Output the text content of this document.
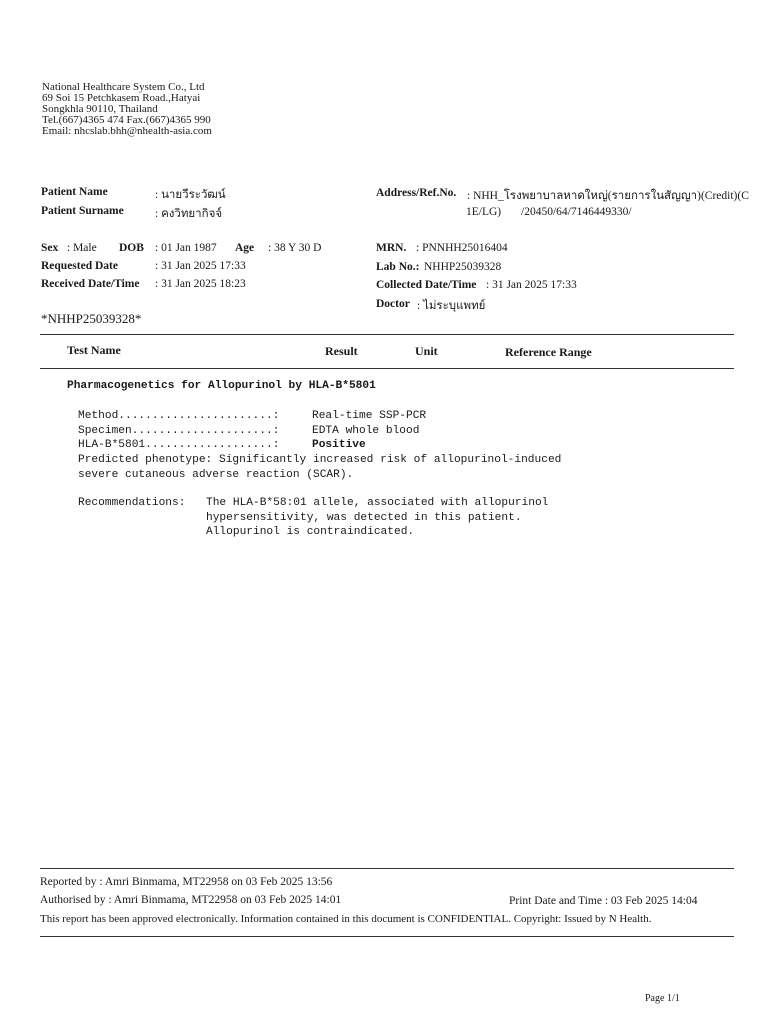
National Healthcare System Co., Ltd
69 Soi 15 Petchkasem Road.,Hatyai
Songkhla 90110, Thailand
Tel.(667)4365 474 Fax.(667)4365 990
Email: nhcslab.bhh@nhealth-asia.com
Patient Name	: นายวีระวัฒน์
Patient Surname	: คงวิทยากิจจ์
Sex : Male DOB : 01 Jan 1987 Age : 38 Y 30 D
Requested Date	: 31 Jan 2025 17:33
Received Date/Time : 31 Jan 2025 18:23
*NHHP25039328*
Address/Ref.No. : NHH_โรงพยาบาลหาดใหญ่(รายการในสัญญา)(Credit)(C
1E/LG) /20450/64/7146449330/
MRN. : PNNHH25016404
Lab No.: NHHP25039328
Collected Date/Time : 31 Jan 2025 17:33
Doctor : ไม่ระบุแพทย์
Test Name	Result	Unit	Reference Range
Pharmacogenetics for Allopurinol by HLA-B*5801
Method.......................:	Real-time SSP-PCR
Specimen.....................:	EDTA whole blood
HLA-B*5801...................:	Positive
Predicted phenotype: Significantly increased risk of allopurinol-induced
severe cutaneous adverse reaction (SCAR).
Recommendations: The HLA-B*58:01 allele, associated with allopurinol
hypersensitivity, was detected in this patient.
Allopurinol is contraindicated.
Reported by : Amri Binmama, MT22958 on 03 Feb 2025 13:56
Authorised by : Amri Binmama, MT22958 on 03 Feb 2025 14:01	Print Date and Time : 03 Feb 2025 14:04
This report has been approved electronically. Information contained in this document is CONFIDENTIAL. Copyright: Issued by N Health.
Page 1/1
